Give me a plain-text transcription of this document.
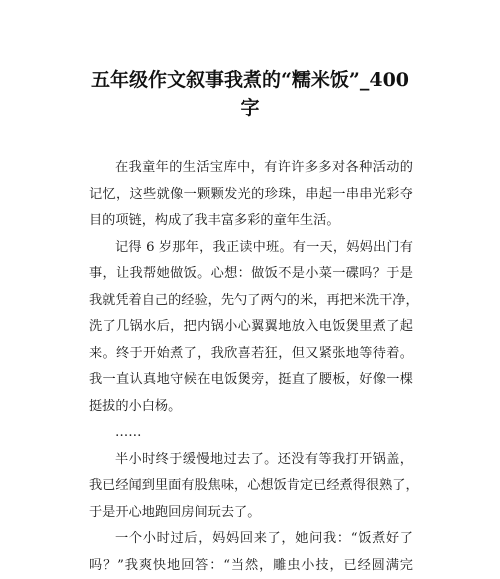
五年级作文叙事我煮的“糯米饭”_400
字
在我童年的生活宝库中，有许许多多对各种活动的
记忆，这些就像一颗颗发光的珍珠，串起一串串光彩夺
目的项链，构成了我丰富多彩的童年生活。
记得 6 岁那年，我正读中班。有一天，妈妈出门有
事，让我帮她做饭。心想：做饭不是小菜一碟吗？于是
我就凭着自己的经验，先勺了两勺的米，再把米洗干净，
洗了几锅水后，把内锅小心翼翼地放入电饭煲里煮了起
来。终于开始煮了，我欣喜若狂，但又紧张地等待着。
我一直认真地守候在电饭煲旁，挺直了腰板，好像一棵
挺拔的小白杨。
……
半小时终于缓慢地过去了。还没有等我打开锅盖，
我已经闻到里面有股焦味，心想饭肯定已经煮得很熟了，
于是开心地跑回房间玩去了。
一个小时过后，妈妈回来了，她问我：“饭煮好了
吗？”我爽快地回答：“当然，雕虫小技，已经圆满完
